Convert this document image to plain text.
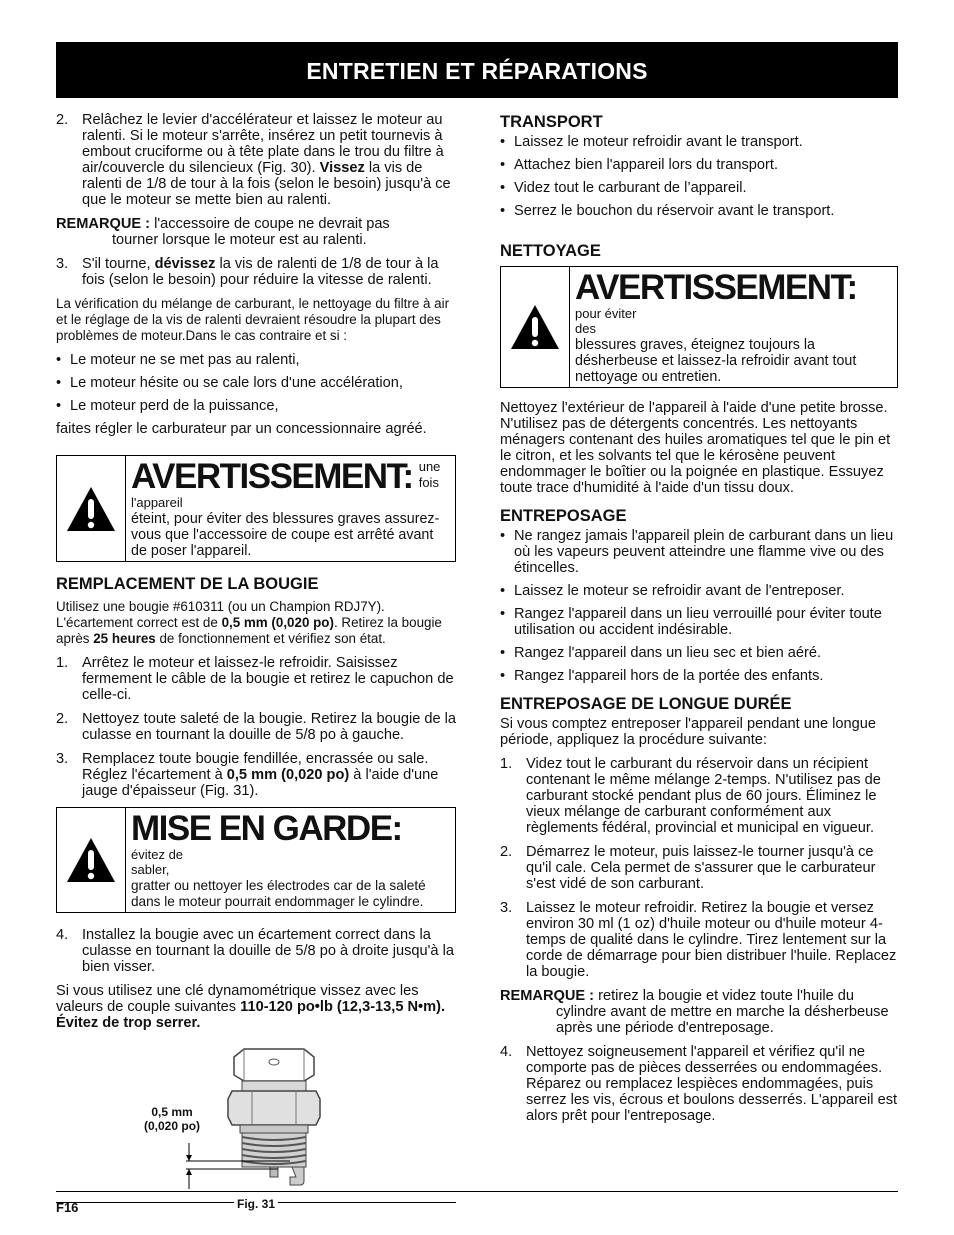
ENTRETIEN ET RÉPARATIONS
2. Relâchez le levier d'accélérateur et laissez le moteur au ralenti. Si le moteur s'arrête, insérez un petit tournevis à embout cruciforme ou à tête plate dans le trou du filtre à air/couvercle du silencieux (Fig. 30). Vissez la vis de ralenti de 1/8 de tour à la fois (selon le besoin) jusqu'à ce que le moteur se mette bien au ralenti.
REMARQUE : l'accessoire de coupe ne devrait pas
tourner lorsque le moteur est au ralenti.
3. S'il tourne, dévissez la vis de ralenti de 1/8 de tour à la fois (selon le besoin) pour réduire la vitesse de ralenti.

La vérification du mélange de carburant, le nettoyage du filtre à air et le réglage de la vis de ralenti devraient résoudre la plupart des problèmes de moteur.Dans le cas contraire et si :

• Le moteur ne se met pas au ralenti,
• Le moteur hésite ou se cale lors d'une accélération,
• Le moteur perd de la puissance,

faites régler le carburateur par un concessionnaire agréé.

AVERTISSEMENT: une fois l'appareil
éteint, pour éviter des blessures graves assurez-vous que l'accessoire de coupe est arrêté avant de poser l'appareil.
REMPLACEMENT DE LA BOUGIE

Utilisez une bougie #610311 (ou un Champion RDJ7Y). L'écartement correct est de 0,5 mm (0,020 po). Retirez la bougie après 25 heures de fonctionnement et vérifiez son état.

1. Arrêtez le moteur et laissez-le refroidir. Saisissez fermement le câble de la bougie et retirez le capuchon de celle-ci.
2. Nettoyez toute saleté de la bougie. Retirez la bougie de la culasse en tournant la douille de 5/8 po à gauche.
3. Remplacez toute bougie fendillée, encrassée ou sale. Réglez l'écartement à 0,5 mm (0,020 po) à l'aide d'une jauge d'épaisseur (Fig. 31).
MISE EN GARDE:
évitez de sabler,
gratter ou nettoyer les électrodes car de la saleté dans le moteur pourrait endommager le cylindre.
4. Installez la bougie avec un écartement correct dans la culasse en tournant la douille de 5/8 po à droite jusqu'à la bien visser.

Si vous utilisez une clé dynamométrique vissez avec les valeurs de couple suivantes 110-120 po•lb (12,3-13,5 N•m). Évitez de trop serrer.

0,5 mm
(0,020 po)
Fig. 31
TRANSPORT
• Laissez le moteur refroidir avant le transport.
• Attachez bien l'appareil lors du transport.
• Videz tout le carburant de l’appareil.
• Serrez le bouchon du réservoir avant le transport.
NETTOYAGE
AVERTISSEMENT:
pour éviter des
blessures graves, éteignez toujours la désherbeuse et laissez-la refroidir avant tout nettoyage ou entretien.

Nettoyez l'extérieur de l'appareil à l'aide d'une petite brosse. N'utilisez pas de détergents concentrés. Les nettoyants ménagers contenant des huiles aromatiques tel que le pin et le citron, et les solvants tel que le kérosène peuvent endommager le boîtier ou la poignée en plastique. Essuyez toute trace d'humidité à l'aide d'un tissu doux.

ENTREPOSAGE
• Ne rangez jamais l'appareil plein de carburant dans un lieu où les vapeurs peuvent atteindre une flamme vive ou des étincelles.
• Laissez le moteur se refroidir avant de l'entreposer.
• Rangez l'appareil dans un lieu verrouillé pour éviter toute utilisation ou accident indésirable.
• Rangez l'appareil dans un lieu sec et bien aéré.
• Rangez l'appareil hors de la portée des enfants.
ENTREPOSAGE DE LONGUE DURÉE

Si vous comptez entreposer l'appareil pendant une longue période, appliquez la procédure suivante:

1. Videz tout le carburant du réservoir dans un récipient contenant le même mélange 2-temps. N'utilisez pas de carburant stocké pendant plus de 60 jours. Éliminez le vieux mélange de carburant conformément aux règlements fédéral, provincial et municipal en vigueur.
2. Démarrez le moteur, puis laissez-le tourner jusqu'à ce qu'il cale. Cela permet de s'assurer que le carburateur s'est vidé de son carburant.
3. Laissez le moteur refroidir. Retirez la bougie et versez environ 30 ml (1 oz) d'huile moteur ou d'huile moteur 4-temps de qualité dans le cylindre. Tirez lentement sur la corde de démarrage pour bien distribuer l'huile. Replacez la bougie.
REMARQUE : retirez la bougie et videz toute l'huile du
cylindre avant de mettre en marche la désherbeuse après une période d'entreposage.
4. Nettoyez soigneusement l'appareil et vérifiez qu'il ne comporte pas de pièces desserrées ou endommagées. Réparez ou remplacez lespièces endommagées, puis serrez les vis, écrous et boulons desserrés. L'appareil est alors prêt pour l'entreposage.
F16
